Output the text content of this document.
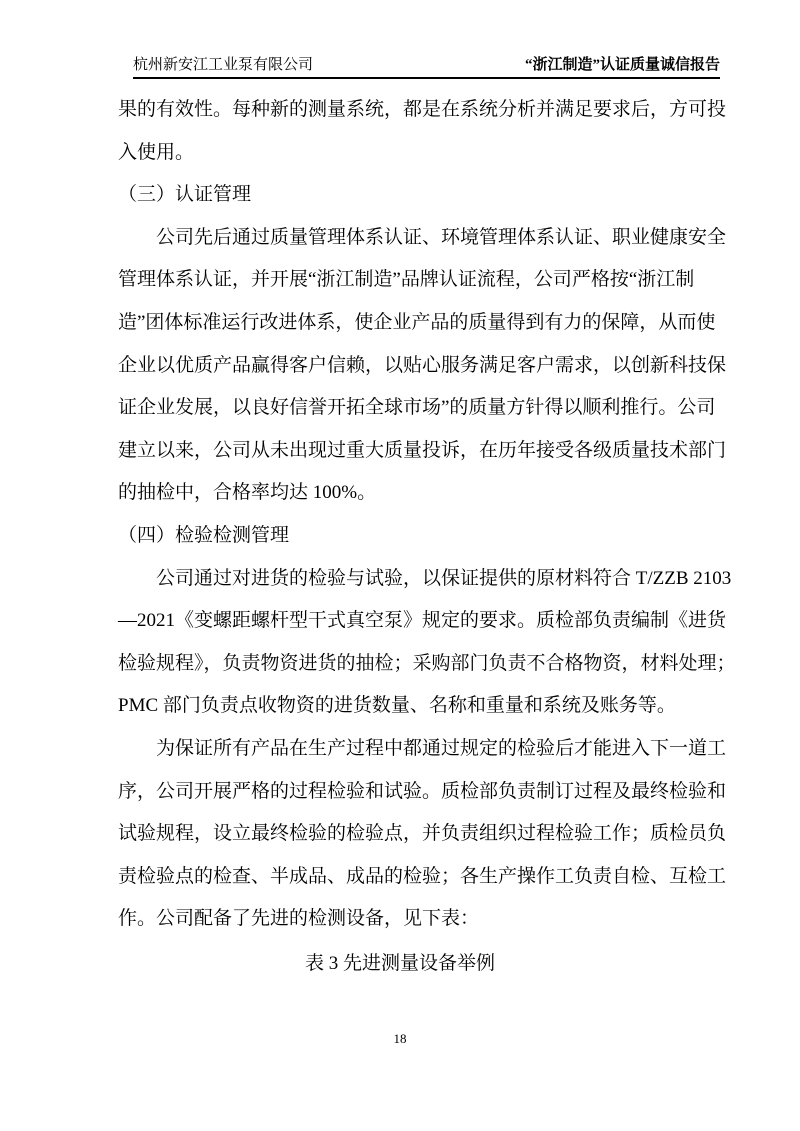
杭州新安江工业泵有限公司	“浙江制造”认证质量诚信报告
果的有效性。每种新的测量系统，都是在系统分析并满足要求后，方可投
入使用。
（三）认证管理
公司先后通过质量管理体系认证、环境管理体系认证、职业健康安全
管理体系认证，并开展“浙江制造”品牌认证流程，公司严格按“浙江制
造”团体标准运行改进体系，使企业产品的质量得到有力的保障，从而使
企业以优质产品赢得客户信赖，以贴心服务满足客户需求，以创新科技保
证企业发展，以良好信誉开拓全球市场”的质量方针得以顺利推行。公司
建立以来，公司从未出现过重大质量投诉，在历年接受各级质量技术部门
的抽检中，合格率均达 100%。
（四）检验检测管理
公司通过对进货的检验与试验，以保证提供的原材料符合 T/ZZB 2103
—2021《变螺距螺杆型干式真空泵》规定的要求。质检部负责编制《进货
检验规程》，负责物资进货的抽检；采购部门负责不合格物资，材料处理；
PMC 部门负责点收物资的进货数量、名称和重量和系统及账务等。
为保证所有产品在生产过程中都通过规定的检验后才能进入下一道工
序，公司开展严格的过程检验和试验。质检部负责制订过程及最终检验和
试验规程，设立最终检验的检验点，并负责组织过程检验工作；质检员负
责检验点的检查、半成品、成品的检验；各生产操作工负责自检、互检工
作。公司配备了先进的检测设备，见下表：
表 3 先进测量设备举例
18
